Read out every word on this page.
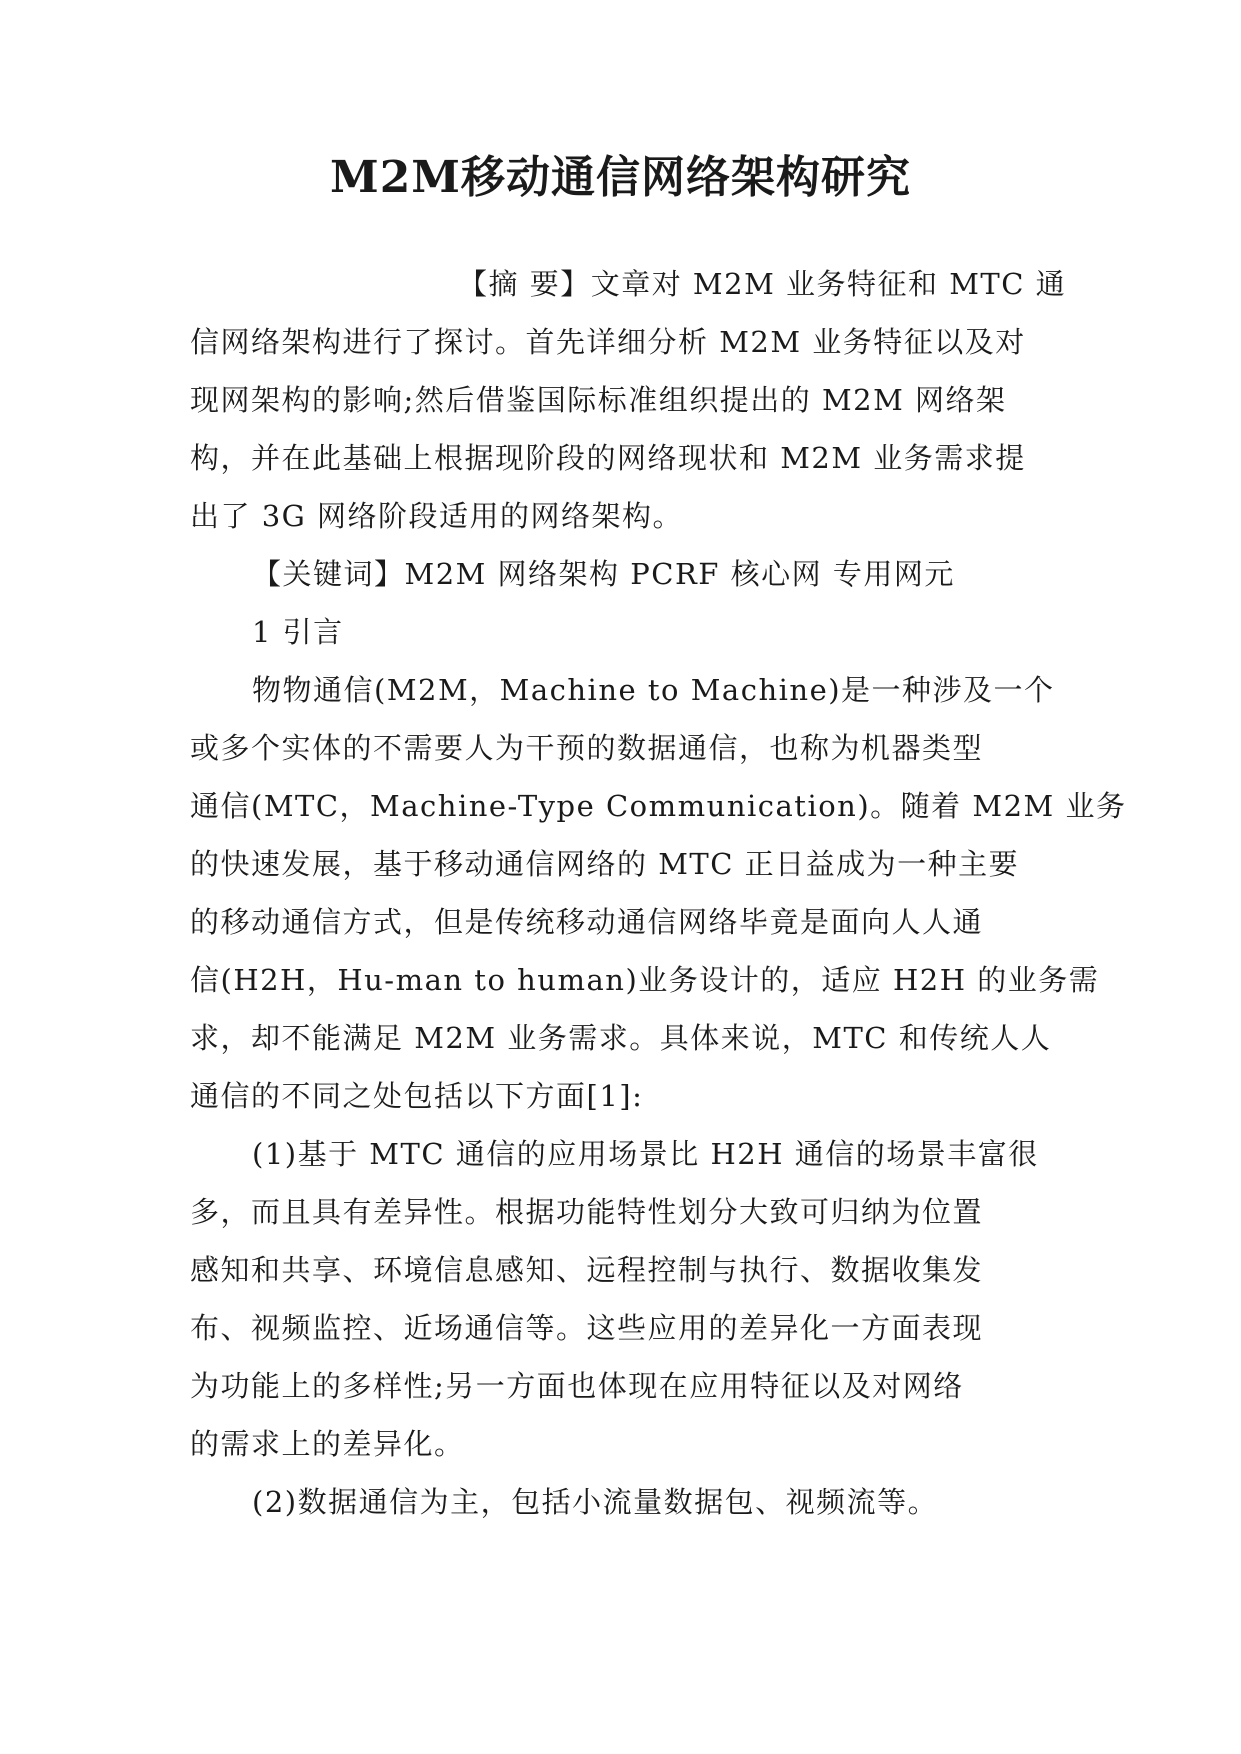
M2M移动通信网络架构研究
【摘 要】文章对 M2M 业务特征和 MTC 通
信网络架构进行了探讨。首先详细分析 M2M 业务特征以及对
现网架构的影响;然后借鉴国际标准组织提出的 M2M 网络架
构，并在此基础上根据现阶段的网络现状和 M2M 业务需求提
出了 3G 网络阶段适用的网络架构。
【关键词】M2M 网络架构 PCRF 核心网 专用网元
1 引言
物物通信(M2M，Machine to Machine)是一种涉及一个
或多个实体的不需要人为干预的数据通信，也称为机器类型
通信(MTC，Machine-Type Communication)。随着 M2M 业务
的快速发展，基于移动通信网络的 MTC 正日益成为一种主要
的移动通信方式，但是传统移动通信网络毕竟是面向人人通
信(H2H，Hu-man to human)业务设计的，适应 H2H 的业务需
求，却不能满足 M2M 业务需求。具体来说，MTC 和传统人人
通信的不同之处包括以下方面[1]:
(1)基于 MTC 通信的应用场景比 H2H 通信的场景丰富很
多，而且具有差异性。根据功能特性划分大致可归纳为位置
感知和共享、环境信息感知、远程控制与执行、数据收集发
布、视频监控、近场通信等。这些应用的差异化一方面表现
为功能上的多样性;另一方面也体现在应用特征以及对网络
的需求上的差异化。
(2)数据通信为主，包括小流量数据包、视频流等。
